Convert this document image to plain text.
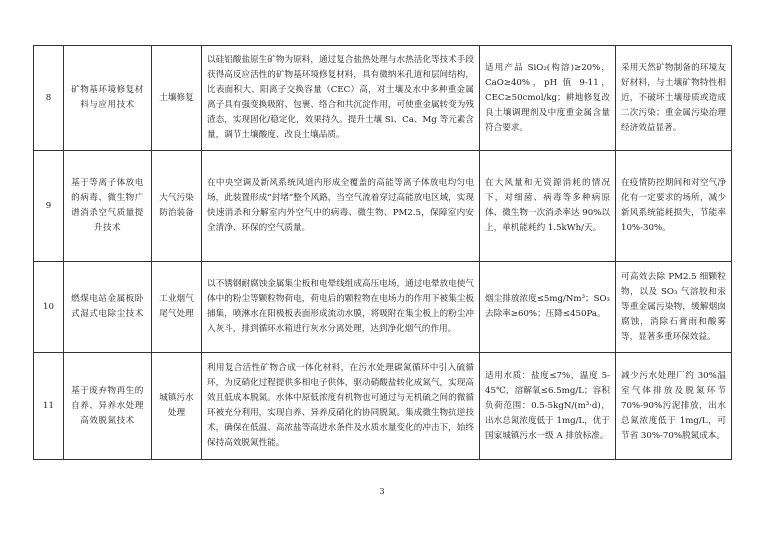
8	矿物基环境修复材料与应用技术	土壤修复	以硅铝酸盐原生矿物为原料，通过复合盐热处理与水热活化等技术手段获得高反应活性的矿物基环境修复材料，具有微纳米孔道和层间结构，比表面积大、阳离子交换容量（CEC）高，对土壤及水中多种重金属离子具有强变换吸附、包裹、络合和共沉淀作用，可使重金属转变为残渣态，实现固化/稳定化，效果持久。提升土壤 Si、Ca、Mg 等元素含量，调节土壤酸度、改良土壤品质。	适用产品 SiO₂(构溶)≥20%，CaO≥40%，pH 值 9-11，CEC≥50cmol/kg；耕地修复改良土壤调理剂及中度重金属含量符合要求。	采用天然矿物制备的环境友好材料，与土壤矿物特性相近，不破坏土壤母质或造成二次污染；重金属污染治理经济效益显著。
9	基于等离子体放电的病毒、微生物广谱消杀空气质量提升技术	大气污染防治装备	在中央空调及新风系统风道内形成全覆盖的高能等离子体放电均匀电场，此装置形成“封堵”整个风路，当空气流着穿过高能放电区域，实现快速消杀和分解室内外空气中的病毒、微生物、PM2.5，保障室内安全清净、环保的空气质量。	在大风量和无资源消耗的情况下，对细菌、病毒等多种病原体、微生物一次消杀率达 90%以上，单机能耗约 1.5kWh/天。	在疫情防控期间和对空气净化有一定要求的场所，减少新风系统能耗损失，节能率 10%-30%。
10	燃煤电站金属板卧式湿式电除尘技术	工业烟气尾气处理	以不锈钢耐腐蚀金属集尘板和电晕线组成高压电场，通过电晕放电使气体中的粉尘等颗粒物荷电，荷电后的颗粒物在电场力的作用下被集尘板捕集，喷淋水在阳极板表面形成流动水膜，将吸附在集尘板上的粉尘冲入灰斗，排到循环水箱进行灰水分离处理，达到净化烟气的作用。	烟尘排放浓度≤5mg/Nm³；SO₃ 去除率≥60%；压降≤450Pa。	可高效去除 PM2.5 细颗粒物，以及 SO₃ 气溶胶和汞等重金属污染物，缓解烟囱腐蚀，消除石膏雨和酸雾等，显著多重环保效益。
11	基于废弃物再生的自养、异养水处理高效脱氮技术	城镇污水处理	利用复合活性矿物合成一体化材料，在污水处理碳氮循环中引入硫循环，为反硝化过程提供多相电子供体，驱动硝酸盐转化成氮气，实现高效且低成本脱氮。水体中原低浓度有机物也可通过与无机硫之间的微循环被充分利用，实现自养、异养反硝化的协同脱氮。集成微生物抗逆技术，确保在低温、高浓盐等高进水条件及水质水量变化的冲击下，始终保持高效脱氮性能。	适用水质：盐度≤7%，温度 5-45℃，溶解氧≤6.5mg/L；容积负荷范围：0.5-5kgN/(m³·d)，出水总氮浓度低于 1mg/L，优于国家城镇污水一级 A 排放标准。	减少污水处理厂约 30%温室气体排放及脱氮环节 70%-90%污泥排放，出水总氮浓度低于 1mg/L，可节省 30%-70%脱氮成本。
3
